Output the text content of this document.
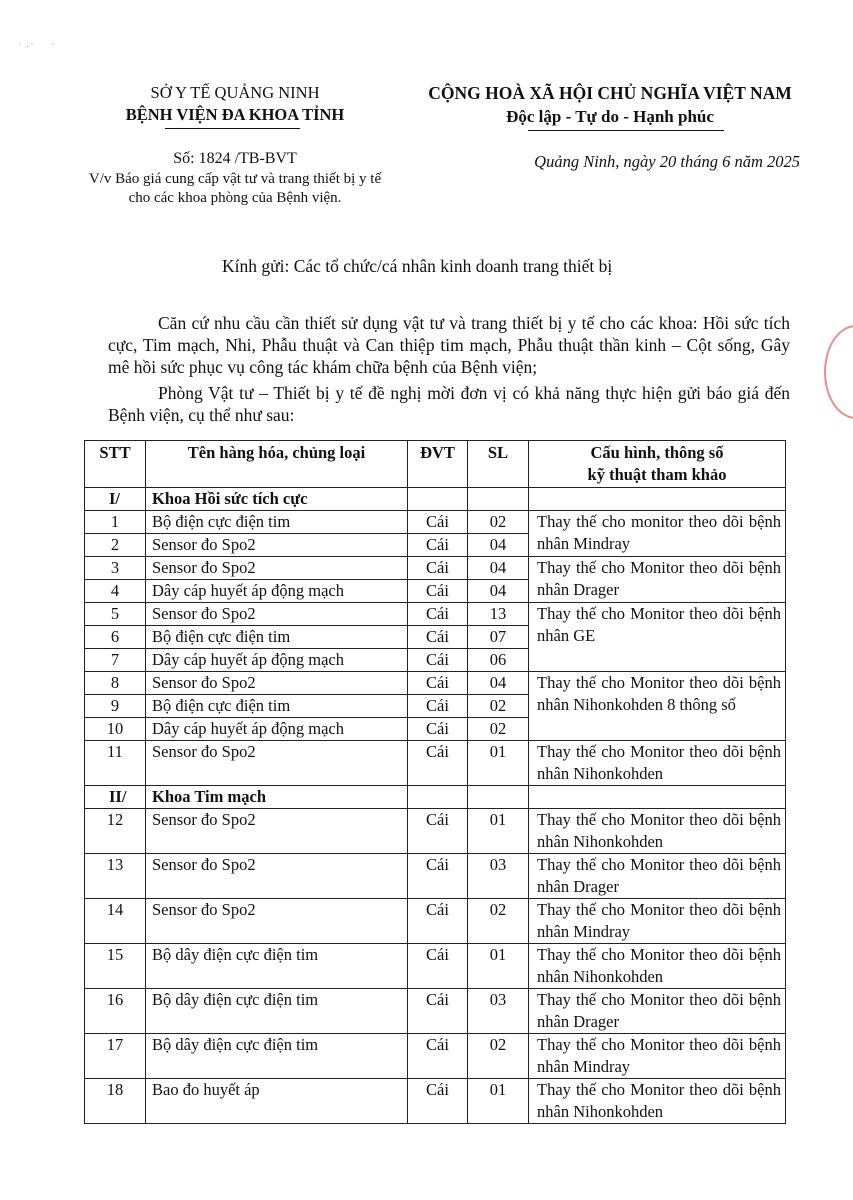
· .·    ·
SỞ Y TẾ QUẢNG NINH
BỆNH VIỆN ĐA KHOA TỈNH
CỘNG HOÀ XÃ HỘI CHỦ NGHĨA VIỆT NAM
Độc lập - Tự do - Hạnh phúc
Số: 1824 /TB-BVT
V/v Báo giá cung cấp vật tư và trang thiết bị y tế
cho các khoa phòng của Bệnh viện.
Quảng Ninh, ngày 20 tháng 6 năm 2025
Kính gửi: Các tổ chức/cá nhân kinh doanh trang thiết bị
Căn cứ nhu cầu cần thiết sử dụng vật tư và trang thiết bị y tế cho các khoa: Hồi sức tích cực, Tim mạch, Nhi, Phẫu thuật và Can thiệp tim mạch, Phẫu thuật thần kinh – Cột sống, Gây mê hồi sức phục vụ công tác khám chữa bệnh của Bệnh viện;
Phòng Vật tư – Thiết bị y tế đề nghị mời đơn vị có khả năng thực hiện gửi báo giá đến Bệnh viện, cụ thể như sau:
STT	Tên hàng hóa, chủng loại	ĐVT	SL	Cấu hình, thông số
kỹ thuật tham khảo

I/	Khoa Hồi sức tích cực			
1	Bộ điện cực điện tim	Cái	02	Thay thế cho monitor theo dõi bệnh nhân Mindray
2	Sensor đo Spo2	Cái	04	
3	Sensor đo Spo2	Cái	04	Thay thế cho Monitor theo dõi bệnh nhân Drager
4	Dây cáp huyết áp động mạch	Cái	04	
5	Sensor đo Spo2	Cái	13	Thay thế cho Monitor theo dõi bệnh nhân GE
6	Bộ điện cực điện tim	Cái	07	
7	Dây cáp huyết áp động mạch	Cái	06	
8	Sensor đo Spo2	Cái	04	Thay thế cho Monitor theo dõi bệnh nhân Nihonkohden 8 thông số
9	Bộ điện cực điện tim	Cái	02	
10	Dây cáp huyết áp động mạch	Cái	02	
11	Sensor đo Spo2	Cái	01	Thay thế cho Monitor theo dõi bệnh nhân Nihonkohden
II/	Khoa Tim mạch			
12	Sensor đo Spo2	Cái	01	Thay thế cho Monitor theo dõi bệnh nhân Nihonkohden
13	Sensor đo Spo2	Cái	03	Thay thế cho Monitor theo dõi bệnh nhân Drager
14	Sensor đo Spo2	Cái	02	Thay thế cho Monitor theo dõi bệnh nhân Mindray
15	Bộ dây điện cực điện tim	Cái	01	Thay thế cho Monitor theo dõi bệnh nhân Nihonkohden
16	Bộ dây điện cực điện tim	Cái	03	Thay thế cho Monitor theo dõi bệnh nhân Drager
17	Bộ dây điện cực điện tim	Cái	02	Thay thế cho Monitor theo dõi bệnh nhân Mindray
18	Bao đo huyết áp	Cái	01	Thay thế cho Monitor theo dõi bệnh nhân Nihonkohden
